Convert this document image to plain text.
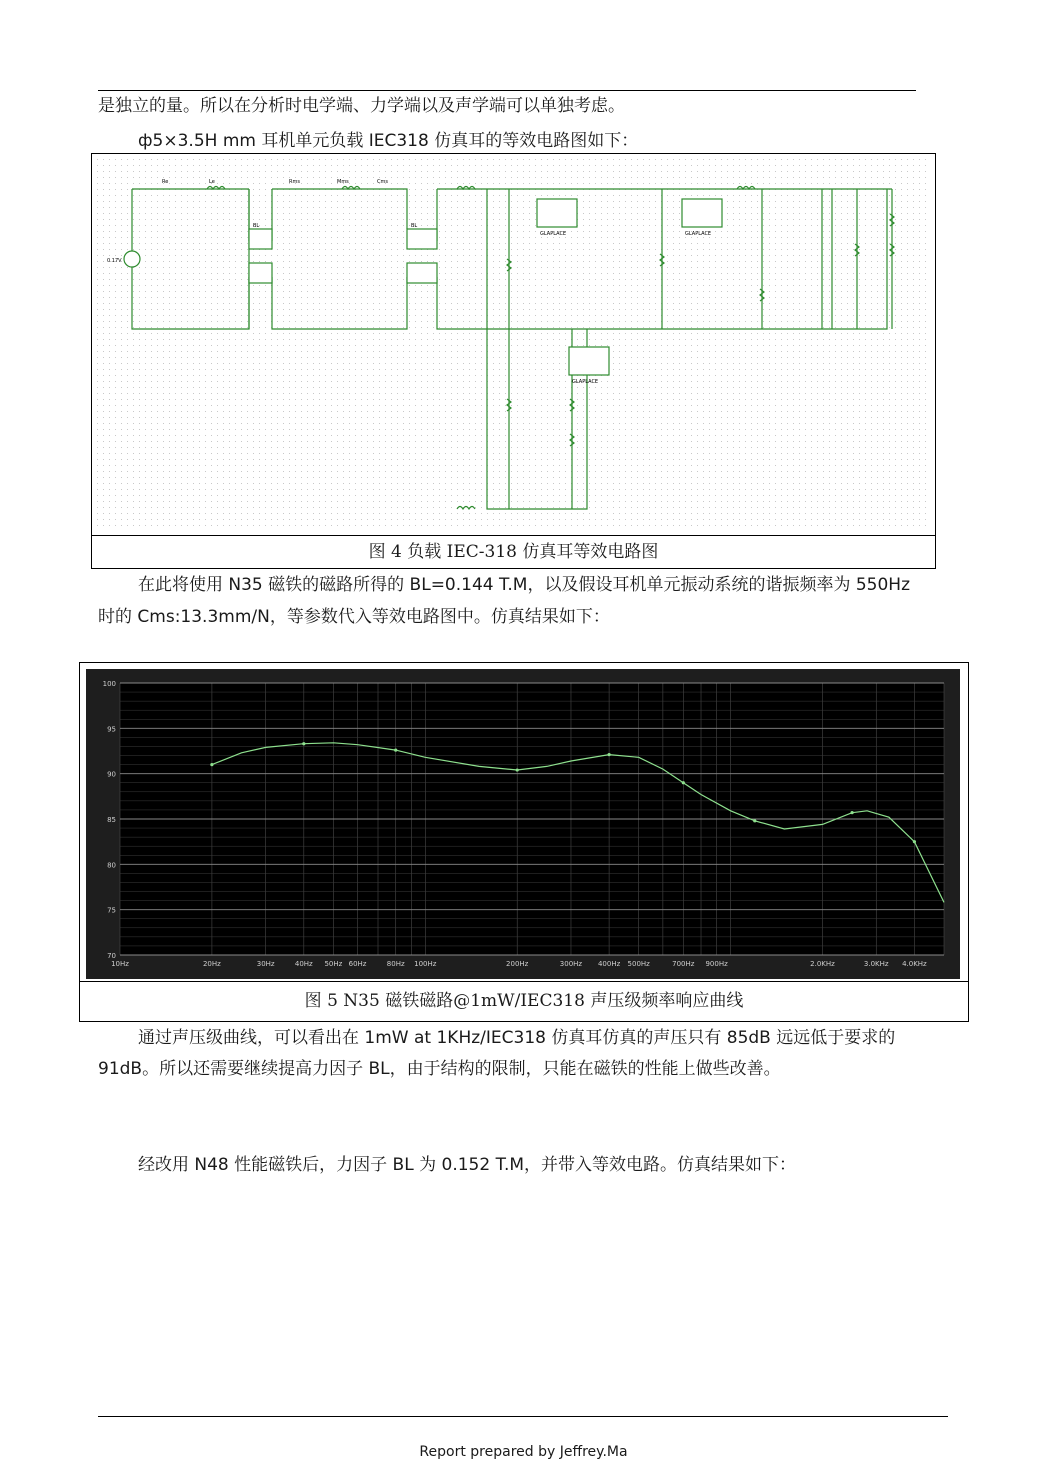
是独立的量。所以在分析时电学端、力学端以及声学端可以单独考虑。
ф5×3.5H mm 耳机单元负载 IEC318 仿真耳的等效电路图如下：
0.17V
Re	Le	Rms	Mms	Cms
BL	BL
GLAPLACE	GLAPLACE
GLAPLACE
图 4 负载 IEC-318 仿真耳等效电路图
在此将使用 N35 磁铁的磁路所得的 BL=0.144 T.M，以及假设耳机单元振动系统的谐振频率为 550Hz
时的 Cms:13.3mm/N，等参数代入等效电路图中。仿真结果如下：
100
95
90
85
80
75
70
10Hz	20Hz	30Hz	40Hz 50Hz 60Hz	80Hz 100Hz	200Hz	300Hz 400Hz 500Hz	700Hz 900Hz	2.0KHz	3.0KHz 4.0KHz
图 5 N35 磁铁磁路@1mW/IEC318 声压级频率响应曲线
通过声压级曲线，可以看出在 1mW at 1KHz/IEC318 仿真耳仿真的声压只有 85dB 远远低于要求的
91dB。所以还需要继续提高力因子 BL，由于结构的限制，只能在磁铁的性能上做些改善。
经改用 N48 性能磁铁后，力因子 BL 为 0.152 T.M，并带入等效电路。仿真结果如下：
Report prepared by Jeffrey.Ma
